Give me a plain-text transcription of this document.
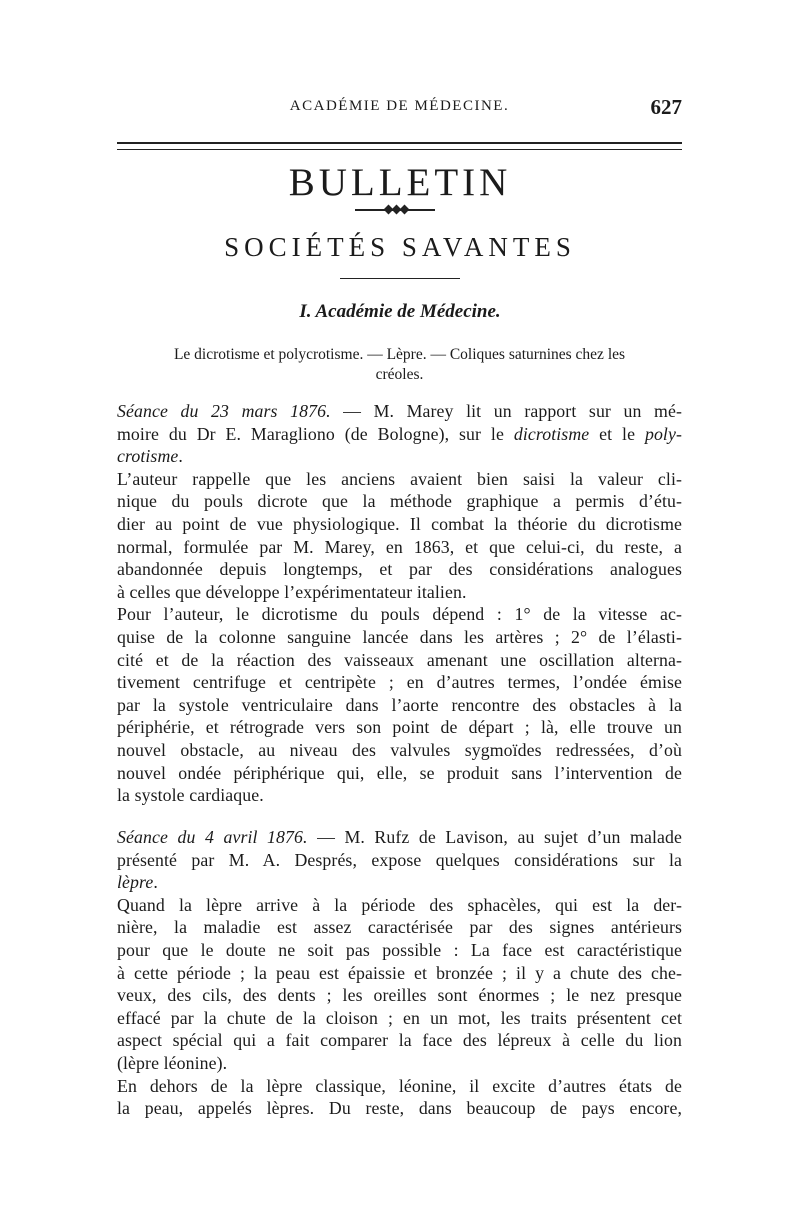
ACADÉMIE DE MÉDECINE.	627
BULLETIN
SOCIÉTÉS SAVANTES
I. Académie de Médecine.
Le dicrotisme et polycrotisme. — Lèpre. — Coliques saturnines chez les
créoles.
Séance du 23 mars 1876. — M. Marey lit un rapport sur un mé-
moire du Dr E. Maragliono (de Bologne), sur le dicrotisme et le poly-
crotisme.
L’auteur rappelle que les anciens avaient bien saisi la valeur cli-
nique du pouls dicrote que la méthode graphique a permis d’étu-
dier au point de vue physiologique. Il combat la théorie du dicrotisme
normal, formulée par M. Marey, en 1863, et que celui-ci, du reste, a
abandonnée depuis longtemps, et par des considérations analogues
à celles que développe l’expérimentateur italien.
Pour l’auteur, le dicrotisme du pouls dépend : 1° de la vitesse ac-
quise de la colonne sanguine lancée dans les artères ; 2° de l’élasti-
cité et de la réaction des vaisseaux amenant une oscillation alterna-
tivement centrifuge et centripète ; en d’autres termes, l’ondée émise
par la systole ventriculaire dans l’aorte rencontre des obstacles à la
périphérie, et rétrograde vers son point de départ ; là, elle trouve un
nouvel obstacle, au niveau des valvules sygmoïdes redressées, d’où
nouvel ondée périphérique qui, elle, se produit sans l’intervention de
la systole cardiaque.
Séance du 4 avril 1876. — M. Rufz de Lavison, au sujet d’un malade
présenté par M. A. Després, expose quelques considérations sur la
lèpre.
Quand la lèpre arrive à la période des sphacèles, qui est la der-
nière, la maladie est assez caractérisée par des signes antérieurs
pour que le doute ne soit pas possible : La face est caractéristique
à cette période ; la peau est épaissie et bronzée ; il y a chute des che-
veux, des cils, des dents ; les oreilles sont énormes ; le nez presque
effacé par la chute de la cloison ; en un mot, les traits présentent cet
aspect spécial qui a fait comparer la face des lépreux à celle du lion
(lèpre léonine).
En dehors de la lèpre classique, léonine, il excite d’autres états de
la peau, appelés lèpres. Du reste, dans beaucoup de pays encore,
